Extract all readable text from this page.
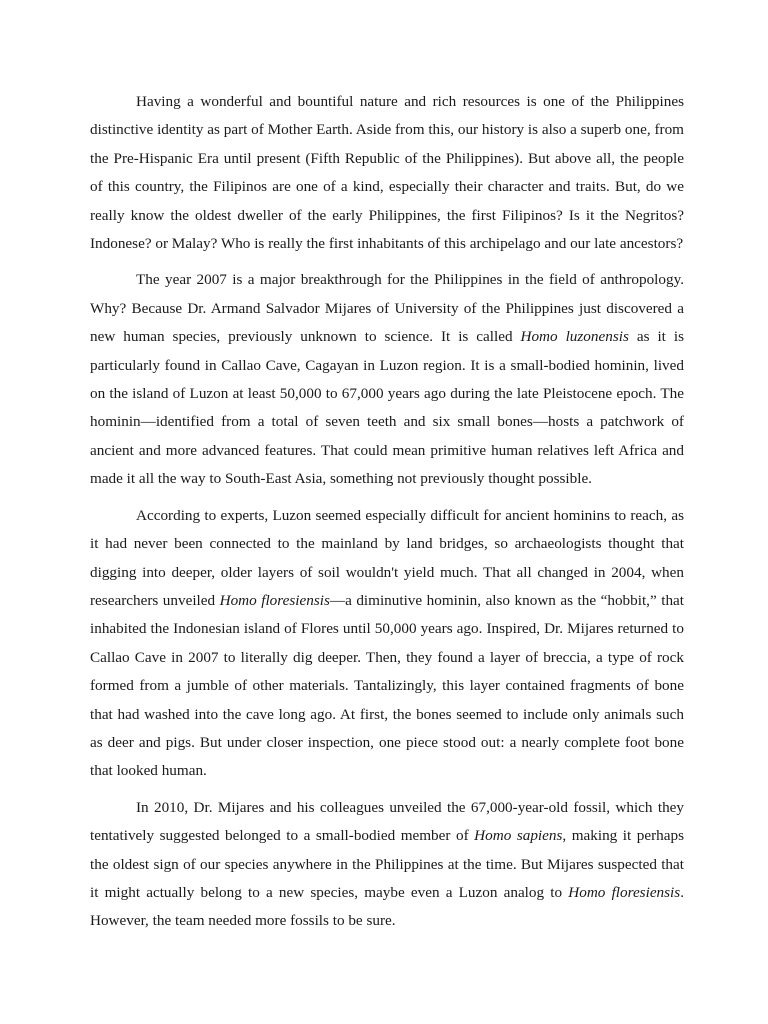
Having a wonderful and bountiful nature and rich resources is one of the Philippines distinctive identity as part of Mother Earth. Aside from this, our history is also a superb one, from the Pre-Hispanic Era until present (Fifth Republic of the Philippines). But above all, the people of this country, the Filipinos are one of a kind, especially their character and traits. But, do we really know the oldest dweller of the early Philippines, the first Filipinos? Is it the Negritos? Indonese? or Malay? Who is really the first inhabitants of this archipelago and our late ancestors?

The year 2007 is a major breakthrough for the Philippines in the field of anthropology. Why? Because Dr. Armand Salvador Mijares of University of the Philippines just discovered a new human species, previously unknown to science. It is called Homo luzonensis as it is particularly found in Callao Cave, Cagayan in Luzon region. It is a small-bodied hominin, lived on the island of Luzon at least 50,000 to 67,000 years ago during the late Pleistocene epoch. The hominin—identified from a total of seven teeth and six small bones—hosts a patchwork of ancient and more advanced features. That could mean primitive human relatives left Africa and made it all the way to South-East Asia, something not previously thought possible.

According to experts, Luzon seemed especially difficult for ancient hominins to reach, as it had never been connected to the mainland by land bridges, so archaeologists thought that digging into deeper, older layers of soil wouldn't yield much. That all changed in 2004, when researchers unveiled Homo floresiensis—a diminutive hominin, also known as the “hobbit,” that inhabited the Indonesian island of Flores until 50,000 years ago. Inspired, Dr. Mijares returned to Callao Cave in 2007 to literally dig deeper. Then, they found a layer of breccia, a type of rock formed from a jumble of other materials. Tantalizingly, this layer contained fragments of bone that had washed into the cave long ago. At first, the bones seemed to include only animals such as deer and pigs. But under closer inspection, one piece stood out: a nearly complete foot bone that looked human.

In 2010, Dr. Mijares and his colleagues unveiled the 67,000-year-old fossil, which they tentatively suggested belonged to a small-bodied member of Homo sapiens, making it perhaps the oldest sign of our species anywhere in the Philippines at the time. But Mijares suspected that it might actually belong to a new species, maybe even a Luzon analog to Homo floresiensis. However, the team needed more fossils to be sure.
